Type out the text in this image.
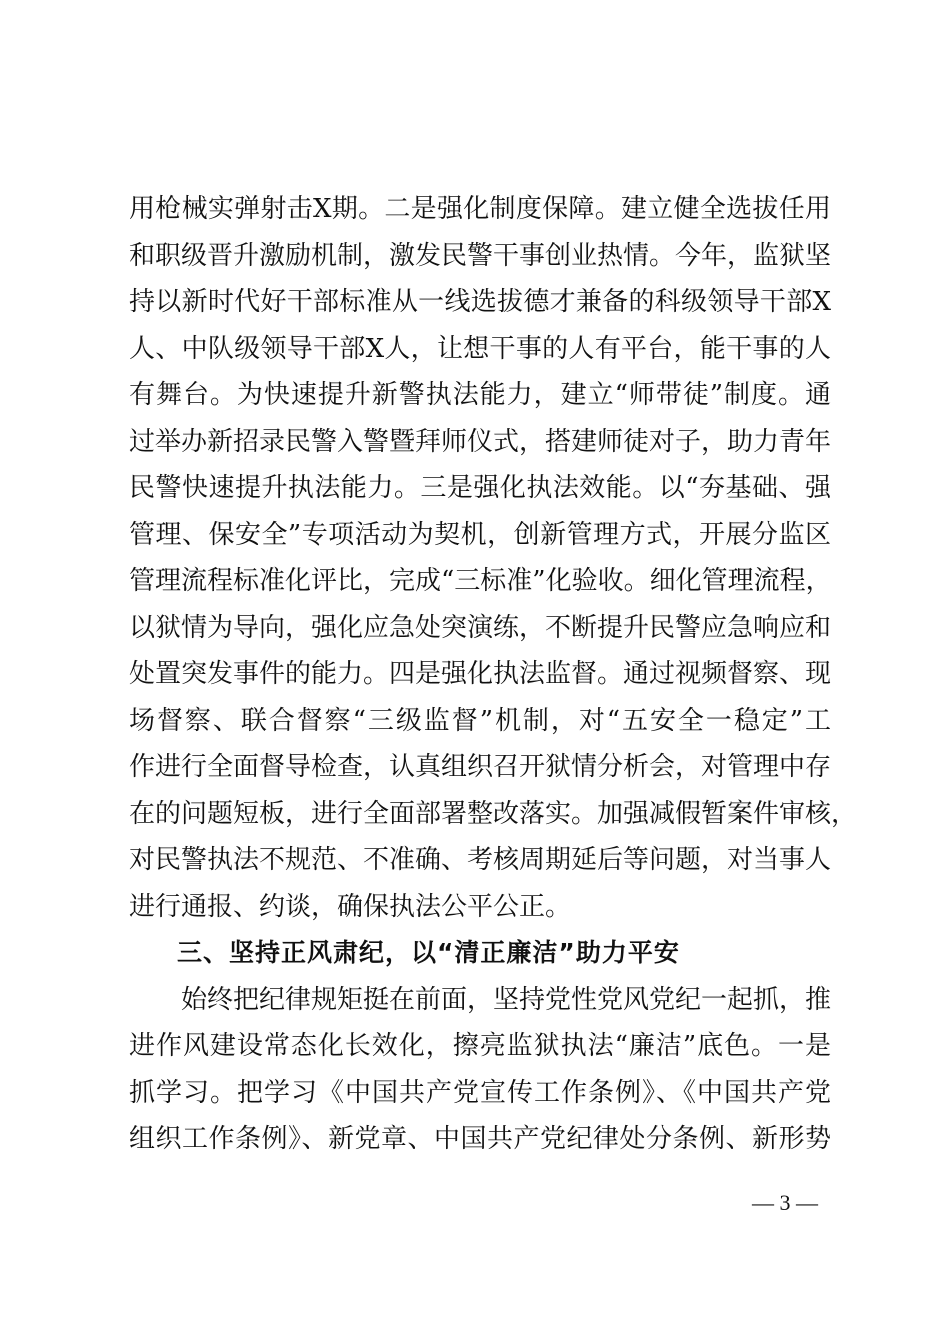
用枪械实弹射击X期。二是强化制度保障。建立健全选拔任用
和职级晋升激励机制，激发民警干事创业热情。今年，监狱坚
持以新时代好干部标准从一线选拔德才兼备的科级领导干部X
人、中队级领导干部X人，让想干事的人有平台，能干事的人
有舞台。为快速提升新警执法能力，建立“师带徒”制度。通
过举办新招录民警入警暨拜师仪式，搭建师徒对子，助力青年
民警快速提升执法能力。三是强化执法效能。以“夯基础、强
管理、保安全”专项活动为契机，创新管理方式，开展分监区
管理流程标准化评比，完成“三标准”化验收。细化管理流程，
以狱情为导向，强化应急处突演练，不断提升民警应急响应和
处置突发事件的能力。四是强化执法监督。通过视频督察、现
场督察、联合督察“三级监督”机制，对“五安全一稳定”工
作进行全面督导检查，认真组织召开狱情分析会，对管理中存
在的问题短板，进行全面部署整改落实。加强减假暂案件审核，
对民警执法不规范、不准确、考核周期延后等问题，对当事人
进行通报、约谈，确保执法公平公正。
三、坚持正风肃纪，以“清正廉洁”助力平安
始终把纪律规矩挺在前面，坚持党性党风党纪一起抓，推
进作风建设常态化长效化，擦亮监狱执法“廉洁”底色。一是
抓学习。把学习《中国共产党宣传工作条例》、《中国共产党
组织工作条例》、新党章、中国共产党纪律处分条例、新形势
— 3 —
